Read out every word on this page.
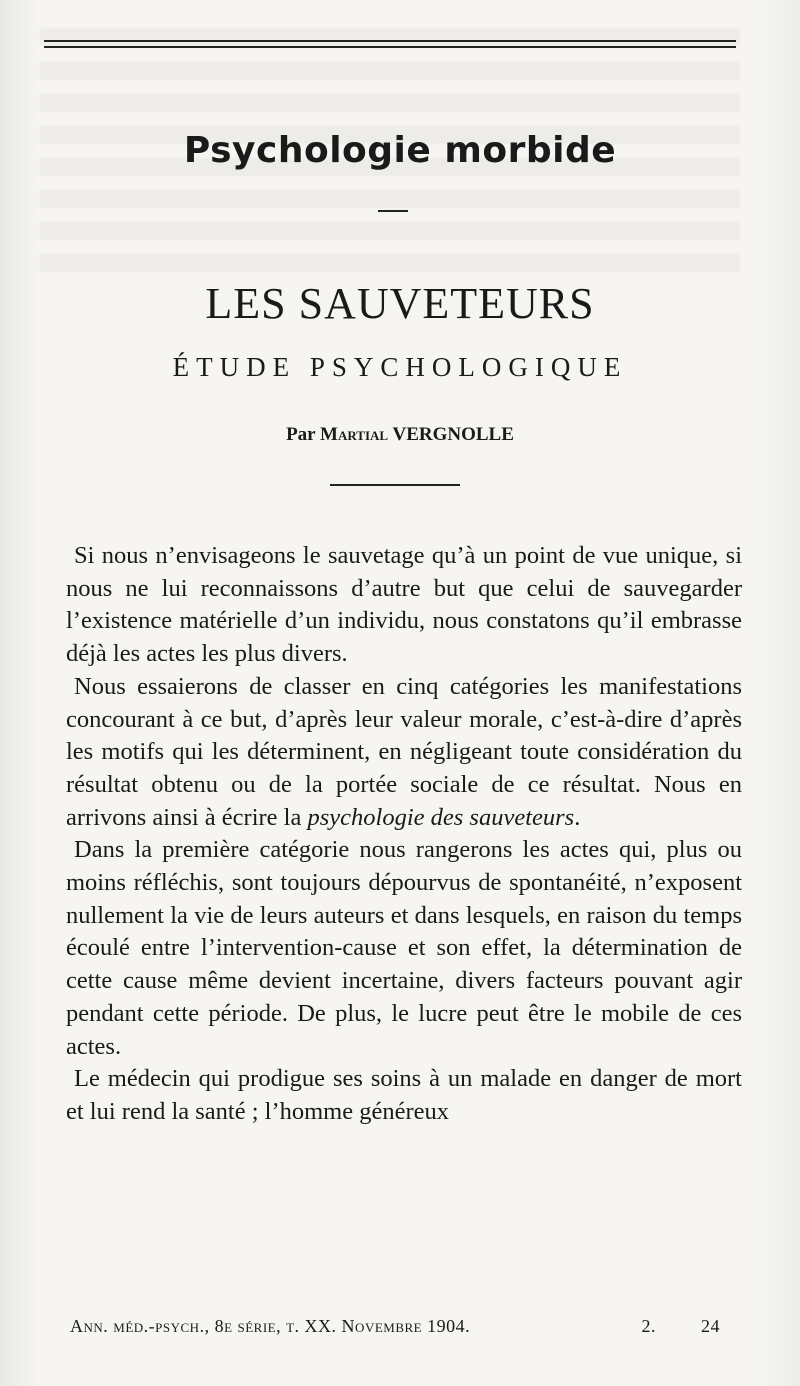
Psychologie morbide
LES SAUVETEURS
ÉTUDE PSYCHOLOGIQUE
Par Martial VERGNOLLE

Si nous n’envisageons le sauvetage qu’à un point de vue unique, si nous ne lui reconnaissons d’autre but que celui de sauvegarder l’existence matérielle d’un individu, nous constatons qu’il embrasse déjà les actes les plus divers.

Nous essaierons de classer en cinq catégories les manifestations concourant à ce but, d’après leur valeur morale, c’est-à-dire d’après les motifs qui les déterminent, en négligeant toute considération du résultat obtenu ou de la portée sociale de ce résultat. Nous en arrivons ainsi à écrire la psychologie des sauveteurs.

Dans la première catégorie nous rangerons les actes qui, plus ou moins réfléchis, sont toujours dépourvus de spontanéité, n’exposent nullement la vie de leurs auteurs et dans lesquels, en raison du temps écoulé entre l’intervention-cause et son effet, la détermination de cette cause même devient incertaine, divers facteurs pouvant agir pendant cette période. De plus, le lucre peut être le mobile de ces actes.

Le médecin qui prodigue ses soins à un malade en danger de mort et lui rend la santé ; l’homme généreux

Ann. méd.-psych., 8e série, t. XX. Novembre 1904.	2.	24
